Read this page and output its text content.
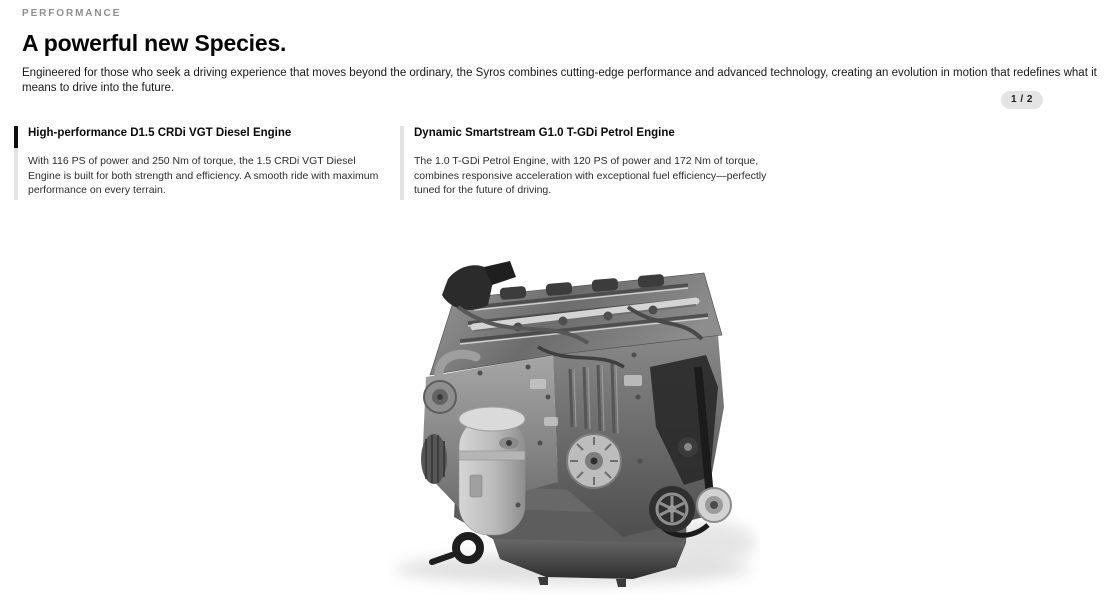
PERFORMANCE
A powerful new Species.

Engineered for those who seek a driving experience that moves beyond the ordinary, the Syros combines cutting-edge performance and advanced technology, creating an evolution in motion that redefines what it means to drive into the future.

1 / 2
High-performance D1.5 CRDi VGT Diesel Engine
With 116 PS of power and 250 Nm of torque, the 1.5 CRDi VGT Diesel Engine is built for both strength and efficiency. A smooth ride with maximum performance on every terrain.
Dynamic Smartstream G1.0 T-GDi Petrol Engine
The 1.0 T-GDi Petrol Engine, with 120 PS of power and 172 Nm of torque, combines responsive acceleration with exceptional fuel efficiency—perfectly tuned for the future of driving.
